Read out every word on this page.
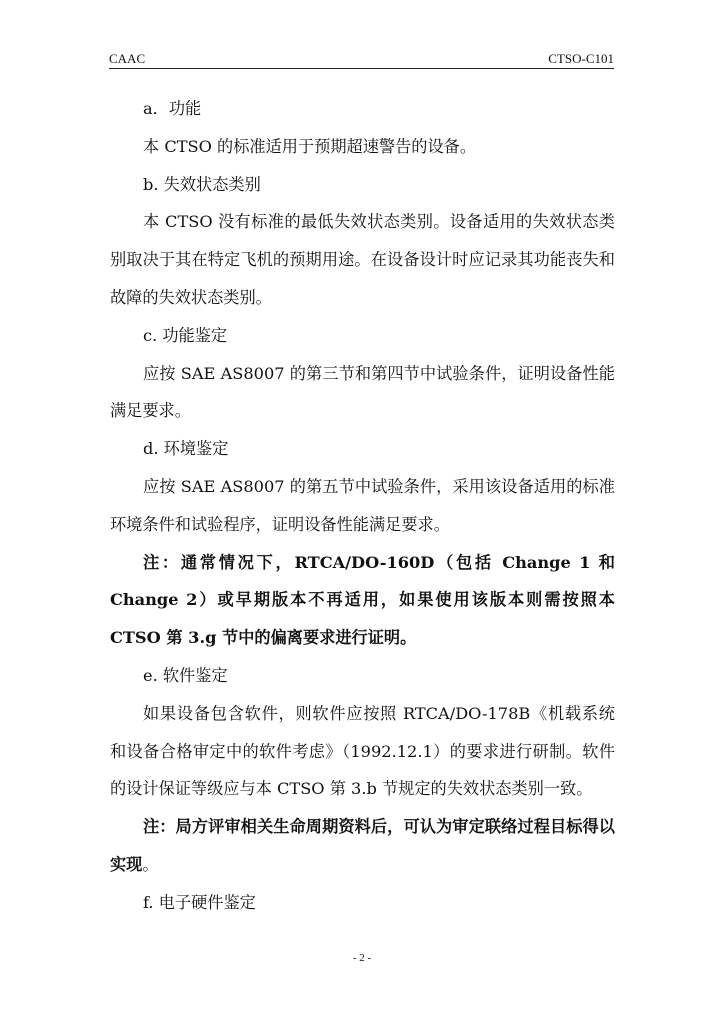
CAAC	CTSO-C101

a．功能

本 CTSO 的标准适用于预期超速警告的设备。

b. 失效状态类别

本 CTSO 没有标准的最低失效状态类别。设备适用的失效状态类别取决于其在特定飞机的预期用途。在设备设计时应记录其功能丧失和故障的失效状态类别。

c. 功能鉴定

应按 SAE AS8007 的第三节和第四节中试验条件，证明设备性能满足要求。

d. 环境鉴定

应按 SAE AS8007 的第五节中试验条件，采用该设备适用的标准环境条件和试验程序，证明设备性能满足要求。

注：通常情况下，RTCA/DO-160D（包括 Change 1 和 Change 2）或早期版本不再适用，如果使用该版本则需按照本 CTSO 第 3.g 节中的偏离要求进行证明。

e. 软件鉴定

如果设备包含软件，则软件应按照 RTCA/DO-178B《机载系统和设备合格审定中的软件考虑》（1992.12.1）的要求进行研制。软件的设计保证等级应与本 CTSO 第 3.b 节规定的失效状态类别一致。

注：局方评审相关生命周期资料后，可认为审定联络过程目标得以实现。

f. 电子硬件鉴定

- 2 -
